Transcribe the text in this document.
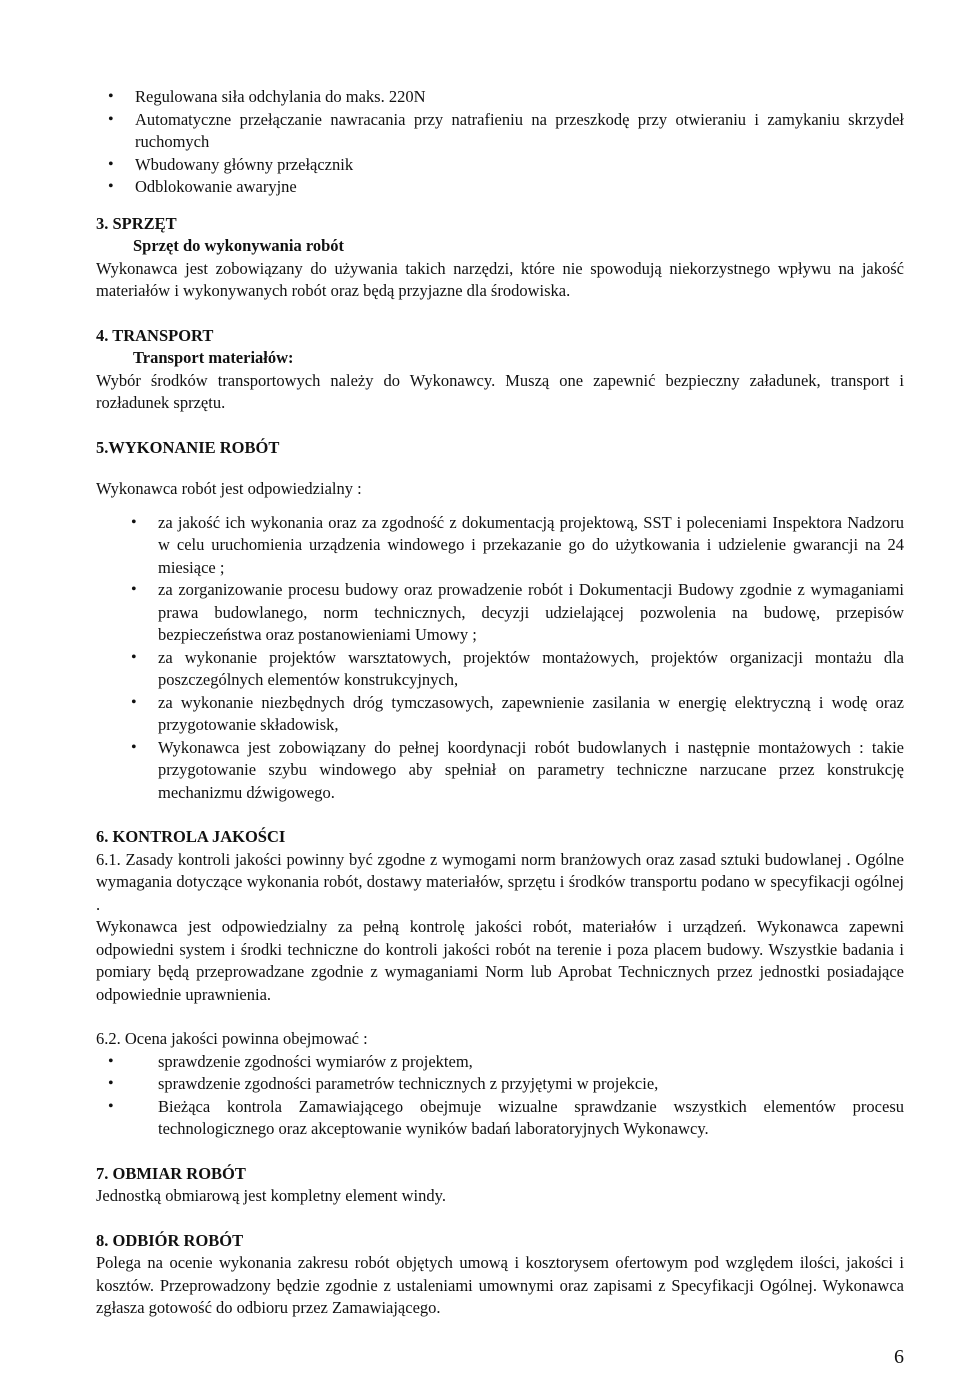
• Regulowana siła odchylania do maks. 220N
• Automatyczne przełączanie nawracania przy natrafieniu na przeszkodę przy otwieraniu i zamykaniu skrzydeł ruchomych
• Wbudowany główny przełącznik
• Odblokowanie awaryjne
3. SPRZĘT
Sprzęt do wykonywania robót
Wykonawca jest zobowiązany do używania takich narzędzi, które nie spowodują niekorzystnego wpływu na jakość materiałów i wykonywanych robót oraz będą przyjazne dla środowiska.
4. TRANSPORT
Transport materiałów:
Wybór środków transportowych należy do Wykonawcy. Muszą one zapewnić bezpieczny załadunek, transport i rozładunek sprzętu.
5.WYKONANIE ROBÓT
Wykonawca robót jest odpowiedzialny :
• za jakość ich wykonania oraz za zgodność z dokumentacją projektową, SST i poleceniami Inspektora Nadzoru w celu uruchomienia urządzenia windowego i przekazanie go do użytkowania i udzielenie gwarancji na 24 miesiące ;
• za zorganizowanie procesu budowy oraz prowadzenie robót i Dokumentacji Budowy zgodnie z wymaganiami prawa budowlanego, norm technicznych, decyzji udzielającej pozwolenia na budowę, przepisów bezpieczeństwa oraz postanowieniami Umowy ;
• za wykonanie projektów warsztatowych, projektów montażowych, projektów organizacji montażu dla poszczególnych elementów konstrukcyjnych,
• za wykonanie niezbędnych dróg tymczasowych, zapewnienie zasilania w energię elektryczną i wodę oraz przygotowanie składowisk,
• Wykonawca jest zobowiązany do pełnej koordynacji robót budowlanych i następnie montażowych : takie przygotowanie szybu windowego aby spełniał on parametry techniczne narzucane przez konstrukcję mechanizmu dźwigowego.
6. KONTROLA JAKOŚCI
6.1. Zasady kontroli jakości powinny być zgodne z wymogami norm branżowych oraz zasad sztuki budowlanej . Ogólne wymagania dotyczące wykonania robót, dostawy materiałów, sprzętu i środków transportu podano w specyfikacji ogólnej .
Wykonawca jest odpowiedzialny za pełną kontrolę jakości robót, materiałów i urządzeń. Wykonawca zapewni odpowiedni system i środki techniczne do kontroli jakości robót na terenie i poza placem budowy. Wszystkie badania i pomiary będą przeprowadzane zgodnie z wymaganiami Norm lub Aprobat Technicznych przez jednostki posiadające odpowiednie uprawnienia.
6.2. Ocena jakości powinna obejmować :
• sprawdzenie zgodności wymiarów z projektem,
• sprawdzenie zgodności parametrów technicznych z przyjętymi w projekcie,
• Bieżąca kontrola Zamawiającego obejmuje wizualne sprawdzanie wszystkich elementów procesu technologicznego oraz akceptowanie wyników badań laboratoryjnych Wykonawcy.
7. OBMIAR ROBÓT
Jednostką obmiarową jest kompletny element windy.
8. ODBIÓR ROBÓT
Polega na ocenie wykonania zakresu robót objętych umową i kosztorysem ofertowym pod względem ilości, jakości i kosztów. Przeprowadzony będzie zgodnie z ustaleniami umownymi oraz zapisami z Specyfikacji Ogólnej. Wykonawca zgłasza gotowość do odbioru przez Zamawiającego.
6
